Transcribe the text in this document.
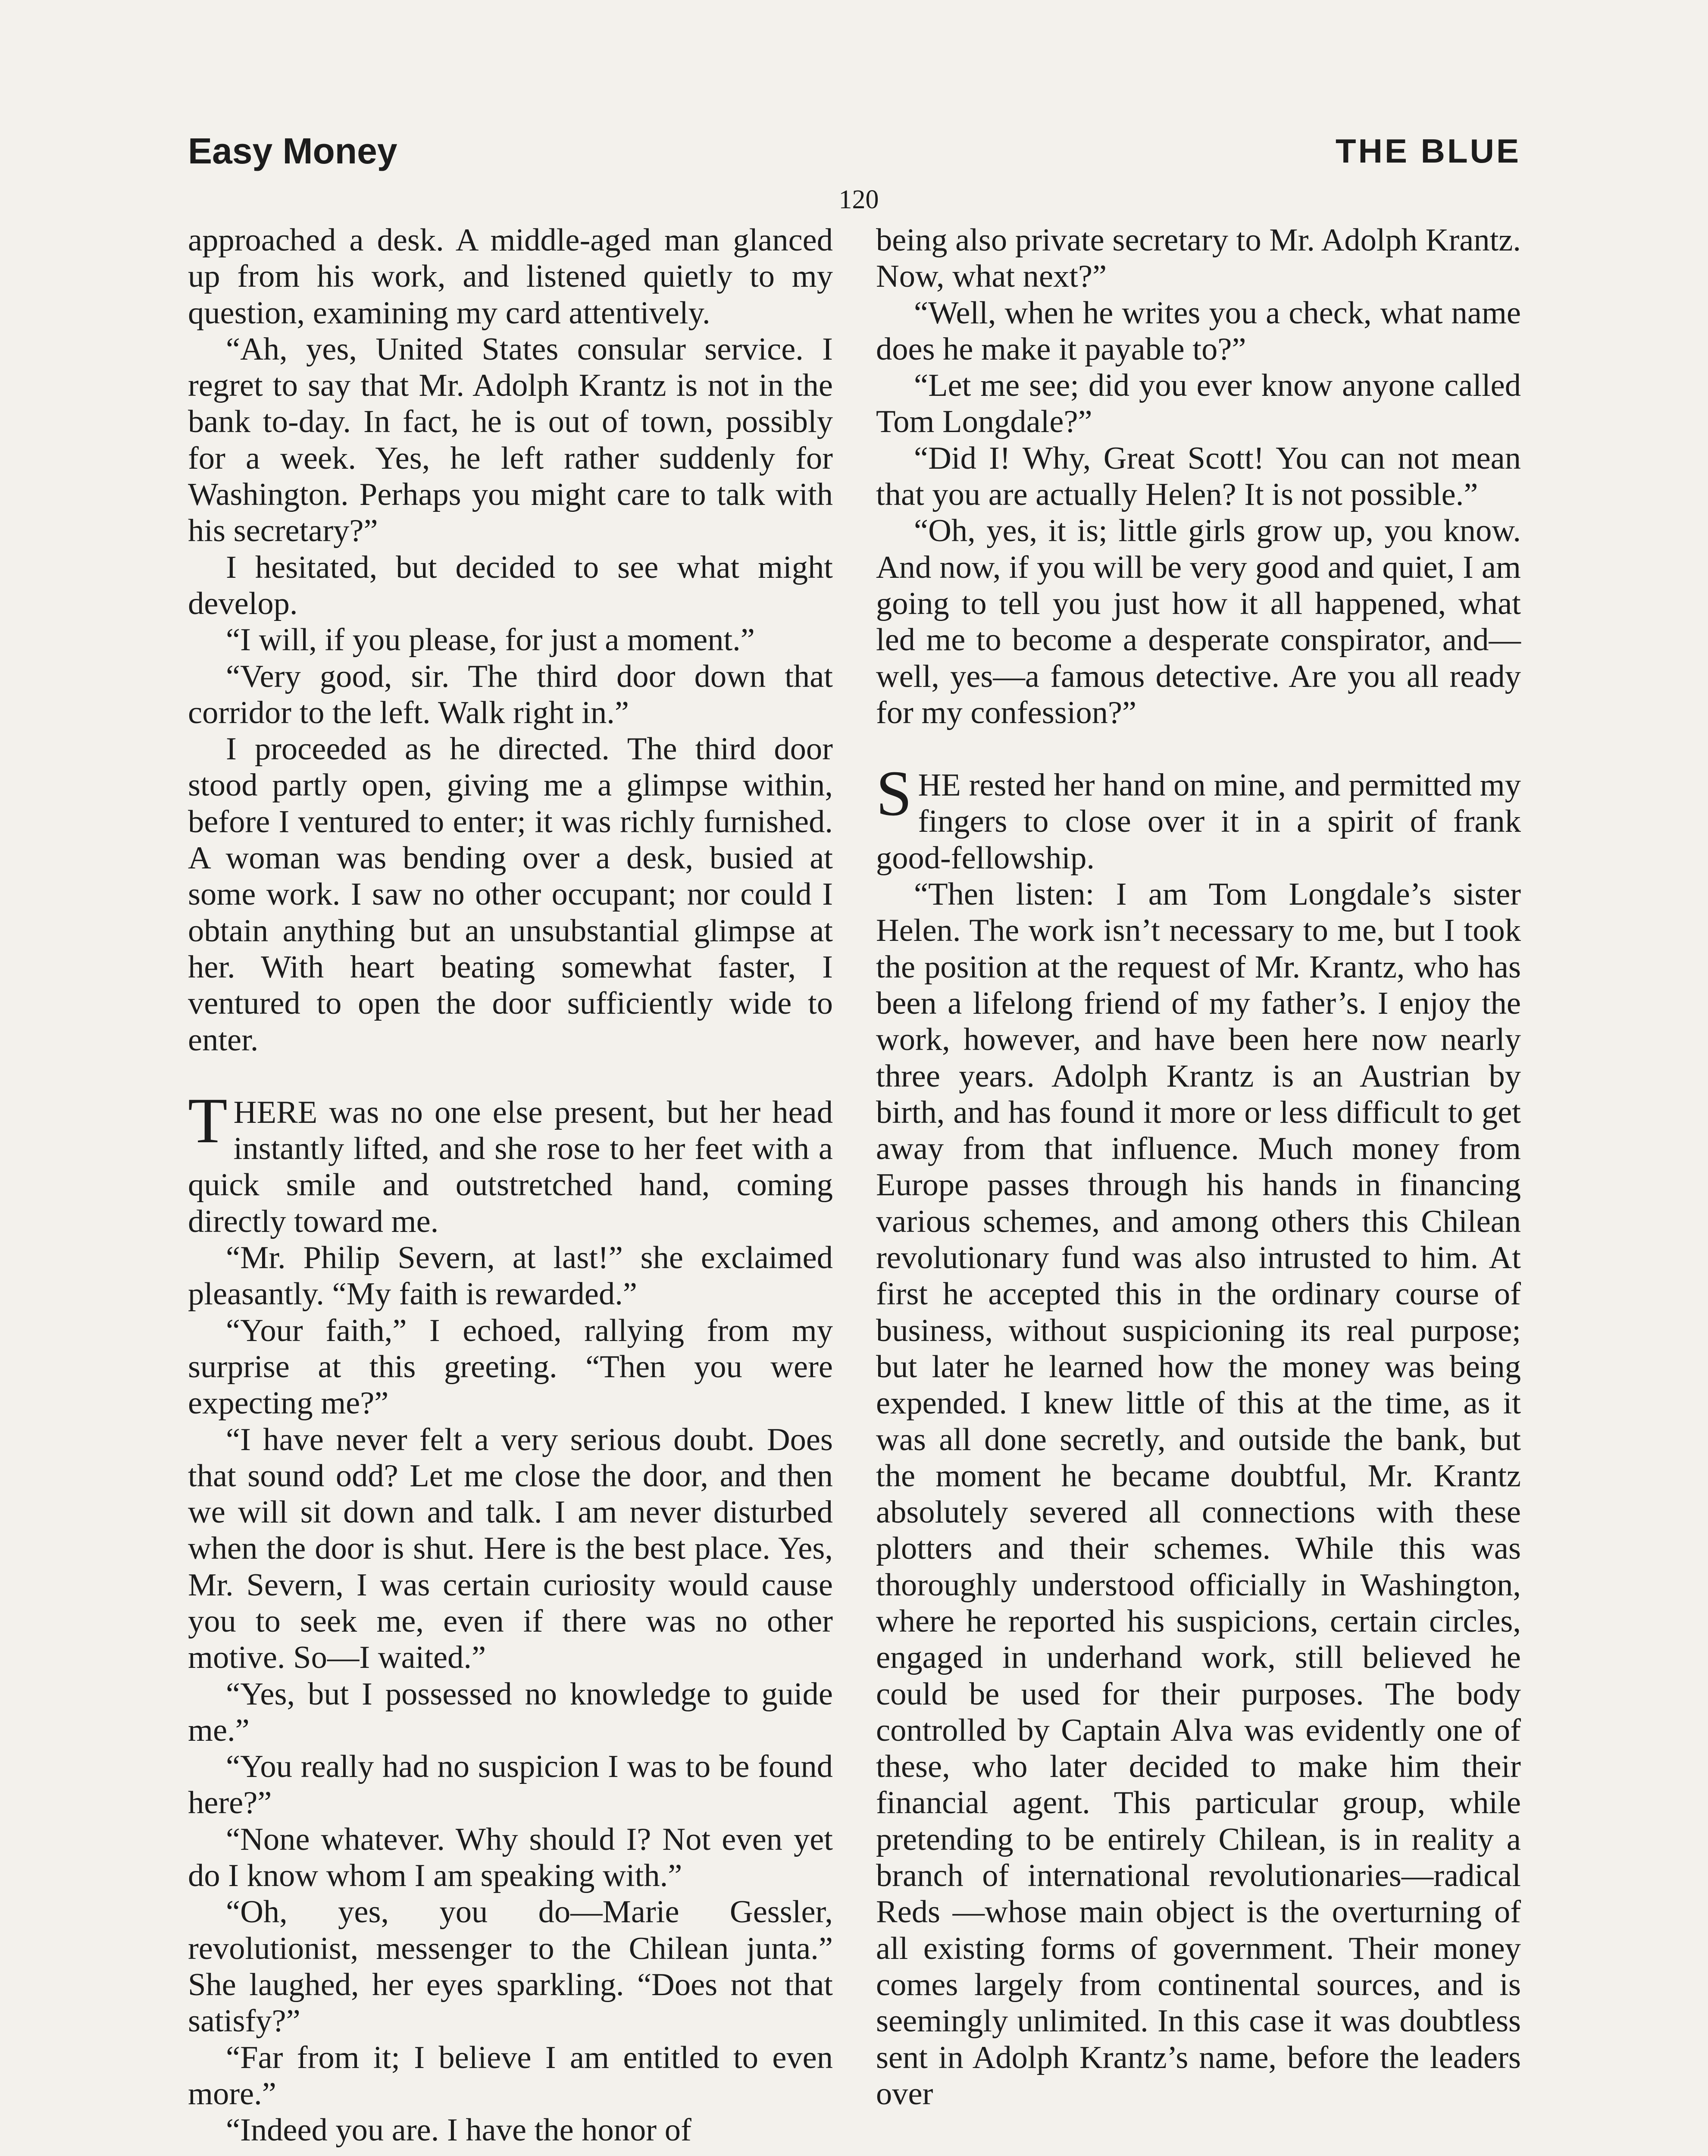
Easy Money	THE BLUE
120

approached a desk. A middle-aged man glanced up from his work, and listened quietly to my question, examining my card attentively.

“Ah, yes, United States consular service. I regret to say that Mr. Adolph Krantz is not in the bank to-day. In fact, he is out of town, possibly for a week. Yes, he left rather suddenly for Washington. Perhaps you might care to talk with his secretary?”

I hesitated, but decided to see what might develop.

“I will, if you please, for just a moment.”

“Very good, sir. The third door down that corridor to the left. Walk right in.”

I proceeded as he directed. The third door stood partly open, giving me a glimpse within, before I ventured to enter; it was richly furnished. A woman was bending over a desk, busied at some work. I saw no other occupant; nor could I obtain anything but an unsubstantial glimpse at her. With heart beating somewhat faster, I ventured to open the door sufficiently wide to enter.

THERE was no one else present, but her head instantly lifted, and she rose to her feet with a quick smile and outstretched hand, coming directly toward me.

“Mr. Philip Severn, at last!” she exclaimed pleasantly. “My faith is rewarded.”

“Your faith,” I echoed, rallying from my surprise at this greeting. “Then you were expecting me?”

“I have never felt a very serious doubt. Does that sound odd? Let me close the door, and then we will sit down and talk. I am never disturbed when the door is shut. Here is the best place. Yes, Mr. Severn, I was certain curiosity would cause you to seek me, even if there was no other motive. So—I waited.”

“Yes, but I possessed no knowledge to guide me.”

“You really had no suspicion I was to be found here?”

“None whatever. Why should I? Not even yet do I know whom I am speaking with.”

“Oh, yes, you do—Marie Gessler, revolutionist, messenger to the Chilean junta.” She laughed, her eyes sparkling. “Does not that satisfy?”

“Far from it; I believe I am entitled to even more.”

“Indeed you are. I have the honor of

being also private secretary to Mr. Adolph Krantz. Now, what next?”

“Well, when he writes you a check, what name does he make it payable to?”

“Let me see; did you ever know anyone called Tom Longdale?”

“Did I! Why, Great Scott! You can not mean that you are actually Helen? It is not possible.”

“Oh, yes, it is; little girls grow up, you know. And now, if you will be very good and quiet, I am going to tell you just how it all happened, what led me to become a desperate conspirator, and—well, yes—a famous detective. Are you all ready for my confession?”

SHE rested her hand on mine, and permitted my fingers to close over it in a spirit of frank good-fellowship.

“Then listen: I am Tom Longdale’s sister Helen. The work isn’t necessary to me, but I took the position at the request of Mr. Krantz, who has been a lifelong friend of my father’s. I enjoy the work, however, and have been here now nearly three years. Adolph Krantz is an Austrian by birth, and has found it more or less difficult to get away from that influence. Much money from Europe passes through his hands in financing various schemes, and among others this Chilean revolutionary fund was also intrusted to him. At first he accepted this in the ordinary course of business, without suspicioning its real purpose; but later he learned how the money was being expended. I knew little of this at the time, as it was all done secretly, and outside the bank, but the moment he became doubtful, Mr. Krantz absolutely severed all connections with these plotters and their schemes. While this was thoroughly understood officially in Washington, where he reported his suspicions, certain circles, engaged in underhand work, still believed he could be used for their purposes. The body controlled by Captain Alva was evidently one of these, who later decided to make him their financial agent. This particular group, while pretending to be entirely Chilean, is in reality a branch of international revolutionaries—radical Reds —whose main object is the overturning of all existing forms of government. Their money comes largely from continental sources, and is seemingly unlimited. In this case it was doubtless sent in Adolph Krantz’s name, before the leaders over
